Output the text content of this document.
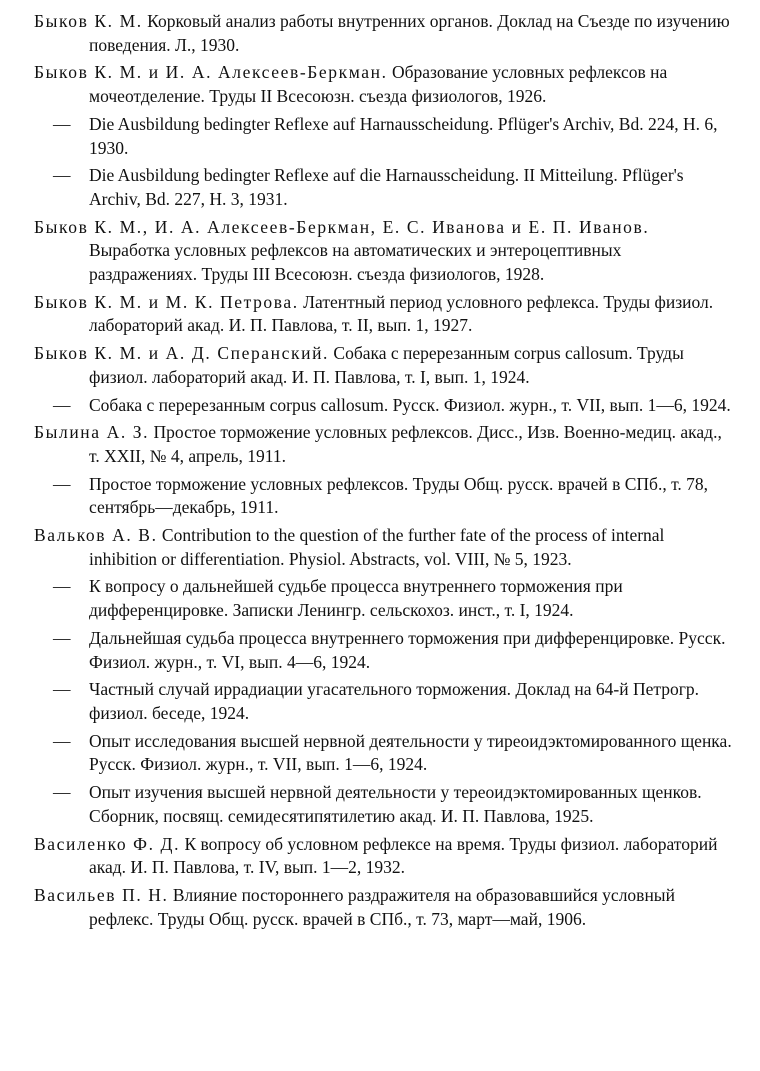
Быков К. М. Корковый анализ работы внутренних органов. Доклад на Съезде по изучению поведения. Л., 1930.
Быков К. М. и И. А. Алексеев-Беркман. Образование условных рефлексов на мочеотделение. Труды II Всесоюзн. съезда физиологов, 1926.
— Die Ausbildung bedingter Reflexe auf Harnausscheidung. Pflüger's Archiv, Bd. 224, H. 6, 1930.
— Die Ausbildung bedingter Reflexe auf die Harnausscheidung. II Mitteilung. Pflüger's Archiv, Bd. 227, H. 3, 1931.
Быков К. М., И. А. Алексеев-Беркман, Е. С. Иванова и Е. П. Иванов. Выработка условных рефлексов на автоматических и энтероцептивных раздражениях. Труды III Всесоюзн. съезда физиологов, 1928.
Быков К. М. и М. К. Петрова. Латентный период условного рефлекса. Труды физиол. лабораторий акад. И. П. Павлова, т. II, вып. 1, 1927.
Быков К. М. и А. Д. Сперанский. Собака с перерезанным corpus callosum. Труды физиол. лабораторий акад. И. П. Павлова, т. I, вып. 1, 1924.
— Собака с перерезанным corpus callosum. Русск. Физиол. журн., т. VII, вып. 1—6, 1924.
Былина А. З. Простое торможение условных рефлексов. Дисс., Изв. Военно-медиц. акад., т. XXII, № 4, апрель, 1911.
— Простое торможение условных рефлексов. Труды Общ. русск. врачей в СПб., т. 78, сентябрь—декабрь, 1911.
Вальков А. В. Contribution to the question of the further fate of the process of internal inhibition or differentiation. Physiol. Abstracts, vol. VIII, № 5, 1923.
— К вопросу о дальнейшей судьбе процесса внутреннего торможения при дифференцировке. Записки Ленингр. сельскохоз. инст., т. I, 1924.
— Дальнейшая судьба процесса внутреннего торможения при дифференцировке. Русск. Физиол. журн., т. VI, вып. 4—6, 1924.
— Частный случай иррадиации угасательного торможения. Доклад на 64-й Петрогр. физиол. беседе, 1924.
— Опыт исследования высшей нервной деятельности у тиреоидэктомированного щенка. Русск. Физиол. журн., т. VII, вып. 1—6, 1924.
— Опыт изучения высшей нервной деятельности у тереоидэктомированных щенков. Сборник, посвящ. семидесятипятилетию акад. И. П. Павлова, 1925.
Василенко Ф. Д. К вопросу об условном рефлексе на время. Труды физиол. лабораторий акад. И. П. Павлова, т. IV, вып. 1—2, 1932.
Васильев П. Н. Влияние постороннего раздражителя на образовавшийся условный рефлекс. Труды Общ. русск. врачей в СПб., т. 73, март—май, 1906.
